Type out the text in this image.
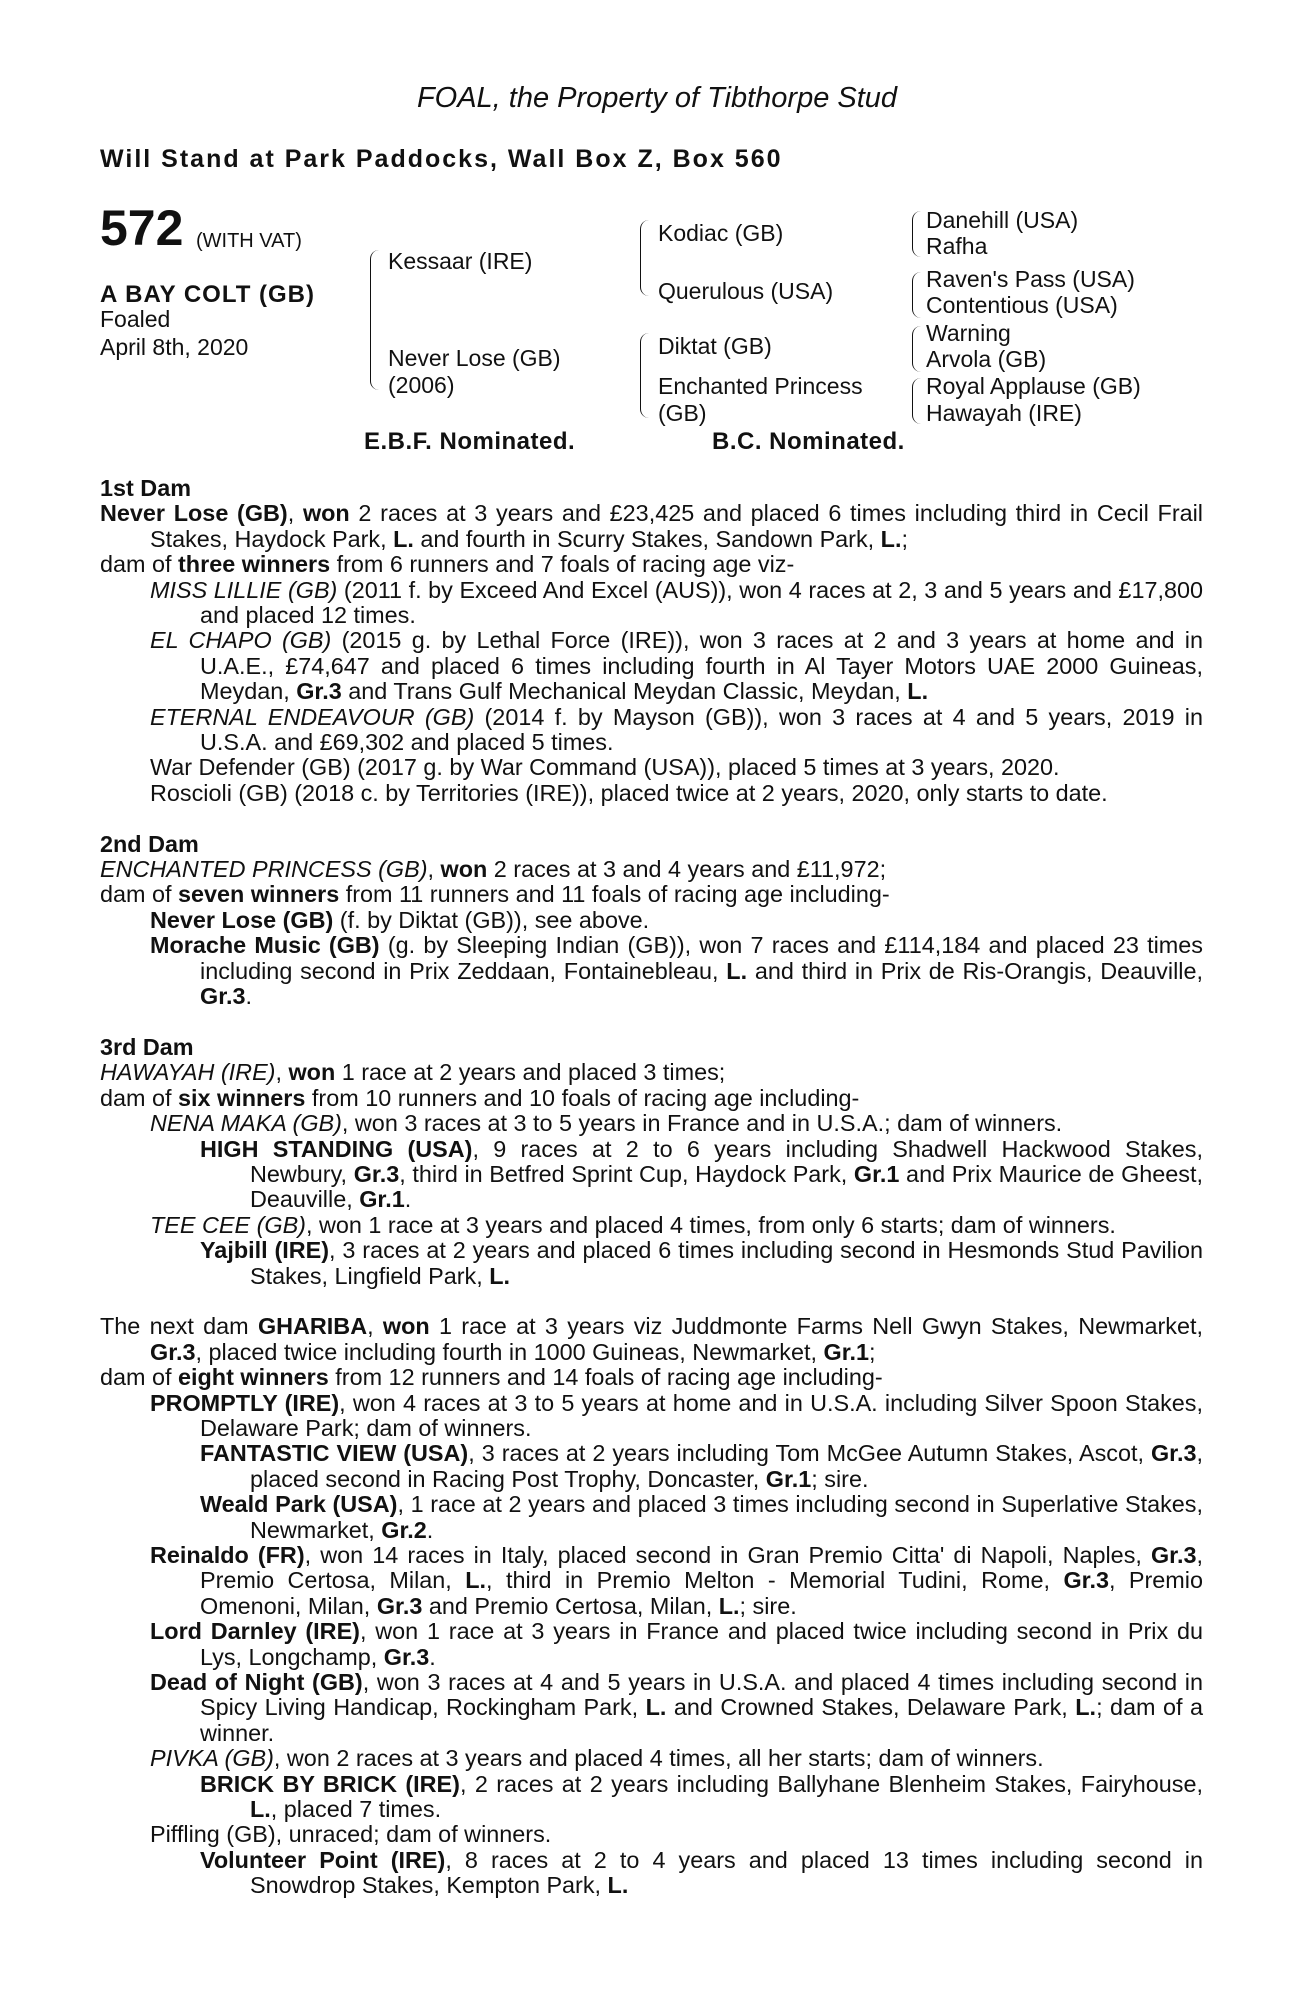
FOAL, the Property of Tibthorpe Stud
Will Stand at Park Paddocks, Wall Box Z, Box 560
572 (WITH VAT)
A BAY COLT (GB)
Foaled
April 8th, 2020
Kessaar (IRE)
Never Lose (GB)
(2006)
Kodiac (GB)
Querulous (USA)
Diktat (GB)
Enchanted Princess
(GB)
Danehill (USA)
Rafha
Raven's Pass (USA)
Contentious (USA)
Warning
Arvola (GB)
Royal Applause (GB)
Hawayah (IRE)
E.B.F. Nominated.	B.C. Nominated.

1st Dam

Never Lose (GB), won 2 races at 3 years and £23,425 and placed 6 times including third in Cecil Frail Stakes, Haydock Park, L. and fourth in Scurry Stakes, Sandown Park, L.;

dam of three winners from 6 runners and 7 foals of racing age viz-

MISS LILLIE (GB) (2011 f. by Exceed And Excel (AUS)), won 4 races at 2, 3 and 5 years and £17,800 and placed 12 times.

EL CHAPO (GB) (2015 g. by Lethal Force (IRE)), won 3 races at 2 and 3 years at home and in U.A.E., £74,647 and placed 6 times including fourth in Al Tayer Motors UAE 2000 Guineas, Meydan, Gr.3 and Trans Gulf Mechanical Meydan Classic, Meydan, L.

ETERNAL ENDEAVOUR (GB) (2014 f. by Mayson (GB)), won 3 races at 4 and 5 years, 2019 in U.S.A. and £69,302 and placed 5 times.

War Defender (GB) (2017 g. by War Command (USA)), placed 5 times at 3 years, 2020.

Roscioli (GB) (2018 c. by Territories (IRE)), placed twice at 2 years, 2020, only starts to date.

2nd Dam

ENCHANTED PRINCESS (GB), won 2 races at 3 and 4 years and £11,972;

dam of seven winners from 11 runners and 11 foals of racing age including-

Never Lose (GB) (f. by Diktat (GB)), see above.

Morache Music (GB) (g. by Sleeping Indian (GB)), won 7 races and £114,184 and placed 23 times including second in Prix Zeddaan, Fontainebleau, L. and third in Prix de Ris-Orangis, Deauville, Gr.3.

3rd Dam

HAWAYAH (IRE), won 1 race at 2 years and placed 3 times;

dam of six winners from 10 runners and 10 foals of racing age including-

NENA MAKA (GB), won 3 races at 3 to 5 years in France and in U.S.A.; dam of winners.

HIGH STANDING (USA), 9 races at 2 to 6 years including Shadwell Hackwood Stakes, Newbury, Gr.3, third in Betfred Sprint Cup, Haydock Park, Gr.1 and Prix Maurice de Gheest, Deauville, Gr.1.

TEE CEE (GB), won 1 race at 3 years and placed 4 times, from only 6 starts; dam of winners.

Yajbill (IRE), 3 races at 2 years and placed 6 times including second in Hesmonds Stud Pavilion Stakes, Lingfield Park, L.

The next dam GHARIBA, won 1 race at 3 years viz Juddmonte Farms Nell Gwyn Stakes, Newmarket, Gr.3, placed twice including fourth in 1000 Guineas, Newmarket, Gr.1;

dam of eight winners from 12 runners and 14 foals of racing age including-

PROMPTLY (IRE), won 4 races at 3 to 5 years at home and in U.S.A. including Silver Spoon Stakes, Delaware Park; dam of winners.

FANTASTIC VIEW (USA), 3 races at 2 years including Tom McGee Autumn Stakes, Ascot, Gr.3, placed second in Racing Post Trophy, Doncaster, Gr.1; sire.

Weald Park (USA), 1 race at 2 years and placed 3 times including second in Superlative Stakes, Newmarket, Gr.2.

Reinaldo (FR), won 14 races in Italy, placed second in Gran Premio Citta' di Napoli, Naples, Gr.3, Premio Certosa, Milan, L., third in Premio Melton - Memorial Tudini, Rome, Gr.3, Premio Omenoni, Milan, Gr.3 and Premio Certosa, Milan, L.; sire.

Lord Darnley (IRE), won 1 race at 3 years in France and placed twice including second in Prix du Lys, Longchamp, Gr.3.

Dead of Night (GB), won 3 races at 4 and 5 years in U.S.A. and placed 4 times including second in Spicy Living Handicap, Rockingham Park, L. and Crowned Stakes, Delaware Park, L.; dam of a winner.

PIVKA (GB), won 2 races at 3 years and placed 4 times, all her starts; dam of winners.

BRICK BY BRICK (IRE), 2 races at 2 years including Ballyhane Blenheim Stakes, Fairyhouse, L., placed 7 times.

Piffling (GB), unraced; dam of winners.

Volunteer Point (IRE), 8 races at 2 to 4 years and placed 13 times including second in Snowdrop Stakes, Kempton Park, L.
